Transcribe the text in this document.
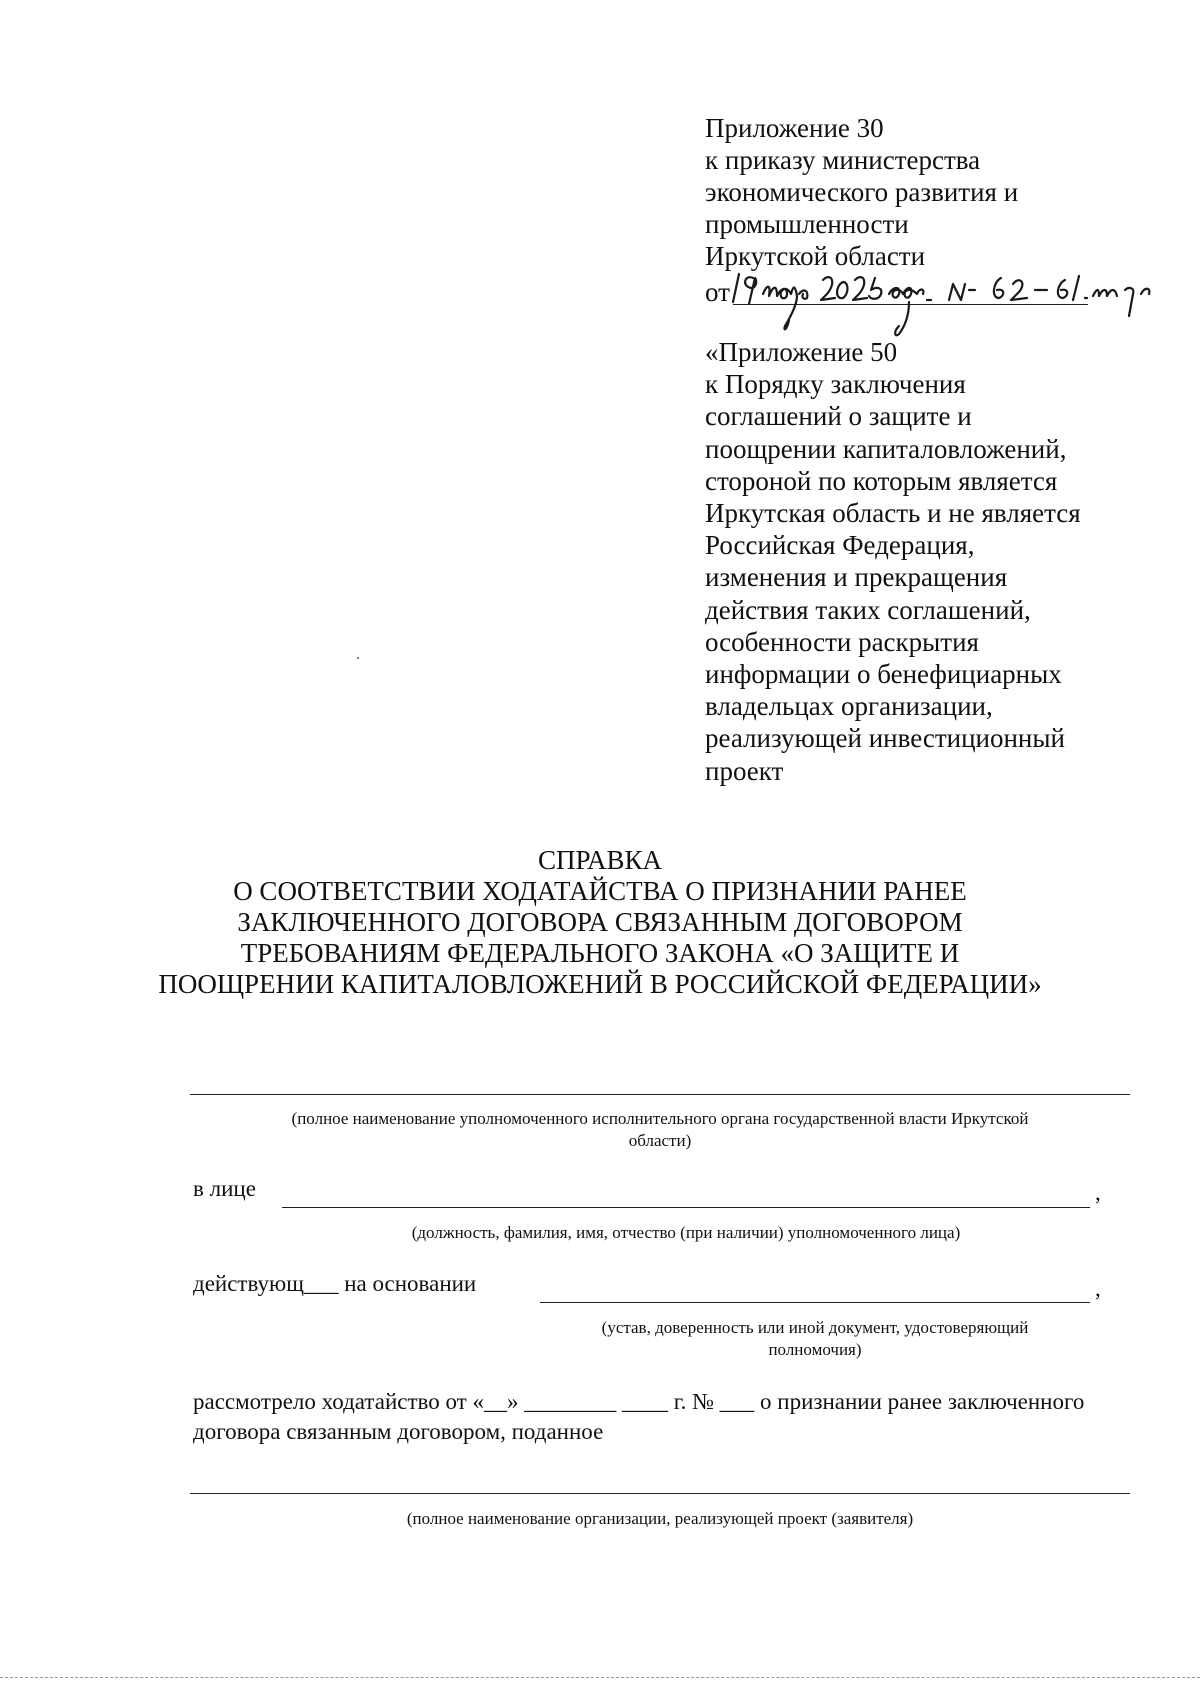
Приложение 30
к приказу министерства
экономического развития и
промышленности
Иркутской области
от
«Приложение 50
к Порядку заключения
соглашений о защите и
поощрении капиталовложений,
стороной по которым является
Иркутская область и не является
Российская Федерация,
изменения и прекращения
действия таких соглашений,
особенности раскрытия
информации о бенефициарных
владельцах организации,
реализующей инвестиционный
проект
СПРАВКА
О СООТВЕТСТВИИ ХОДАТАЙСТВА О ПРИЗНАНИИ РАНЕЕ
ЗАКЛЮЧЕННОГО ДОГОВОРА СВЯЗАННЫМ ДОГОВОРОМ
ТРЕБОВАНИЯМ ФЕДЕРАЛЬНОГО ЗАКОНА «О ЗАЩИТЕ И
ПООЩРЕНИИ КАПИТАЛОВЛОЖЕНИЙ В РОССИЙСКОЙ ФЕДЕРАЦИИ»
(полное наименование уполномоченного исполнительного органа государственной власти Иркутской
области)
в лице	,
(должность, фамилия, имя, отчество (при наличии) уполномоченного лица)
действующ___ на основании	,
(устав, доверенность или иной документ, удостоверяющий
полномочия)
рассмотрело ходатайство от «__» ________ ____ г. № ___ о признании ранее заключенного
договора связанным договором, поданное
(полное наименование организации, реализующей проект (заявителя)
